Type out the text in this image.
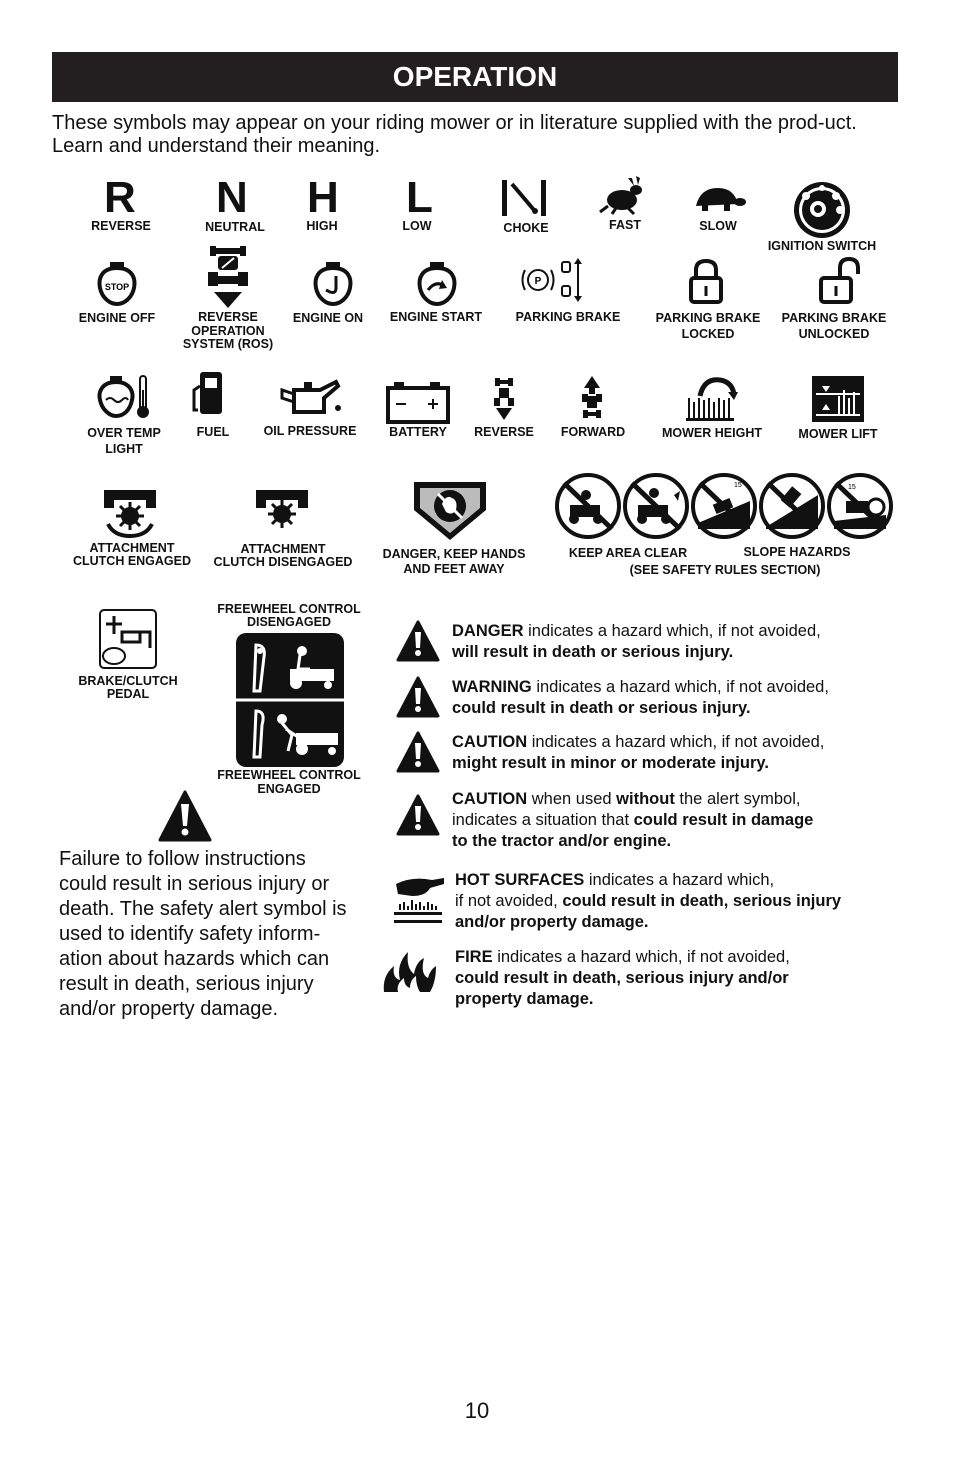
OPERATION
These symbols may appear on your riding mower or in literature supplied with the prod-uct. Learn and understand their meaning.
R
REVERSE
N
NEUTRAL
H
HIGH
L
LOW	CHOKE	FAST	SLOW
IGNITION SWITCH
STOP
ENGINE OFF	REVERSE
OPERATION
SYSTEM (ROS)
ENGINE ON	ENGINE START
P
PARKING BRAKE	PARKING BRAKE
LOCKED
PARKING BRAKE
UNLOCKED
OVER TEMP
LIGHT
FUEL	OIL PRESSURE	BATTERY	REVERSE	FORWARD	MOWER HEIGHT	MOWER LIFT
ATTACHMENT
CLUTCH ENGAGED
ATTACHMENT
CLUTCH DISENGAGED
DANGER, KEEP HANDS
AND FEET AWAY
15	15
KEEP AREA CLEAR	SLOPE HAZARDS
(SEE SAFETY RULES SECTION)
BRAKE/CLUTCH
PEDAL
FREEWHEEL CONTROL
DISENGAGED
FREEWHEEL CONTROL
ENGAGED
Failure to follow instructions could result in serious injury or death. The safety alert symbol is used to identify safety inform-ation about hazards which can result in death, serious injury and/or property damage.
DANGER indicates a hazard which, if not avoided,
will result in death or serious injury.
WARNING indicates a hazard which, if not avoided,
could result in death or serious injury.
CAUTION indicates a hazard which, if not avoided,
might result in minor or moderate injury.
CAUTION when used without the alert symbol,
indicates a situation that could result in damage
to the tractor and/or engine.
HOT SURFACES indicates a hazard which,
if not avoided, could result in death, serious injury
and/or property damage.
FIRE indicates a hazard which, if not avoided,
could result in death, serious injury and/or
property damage.
10
